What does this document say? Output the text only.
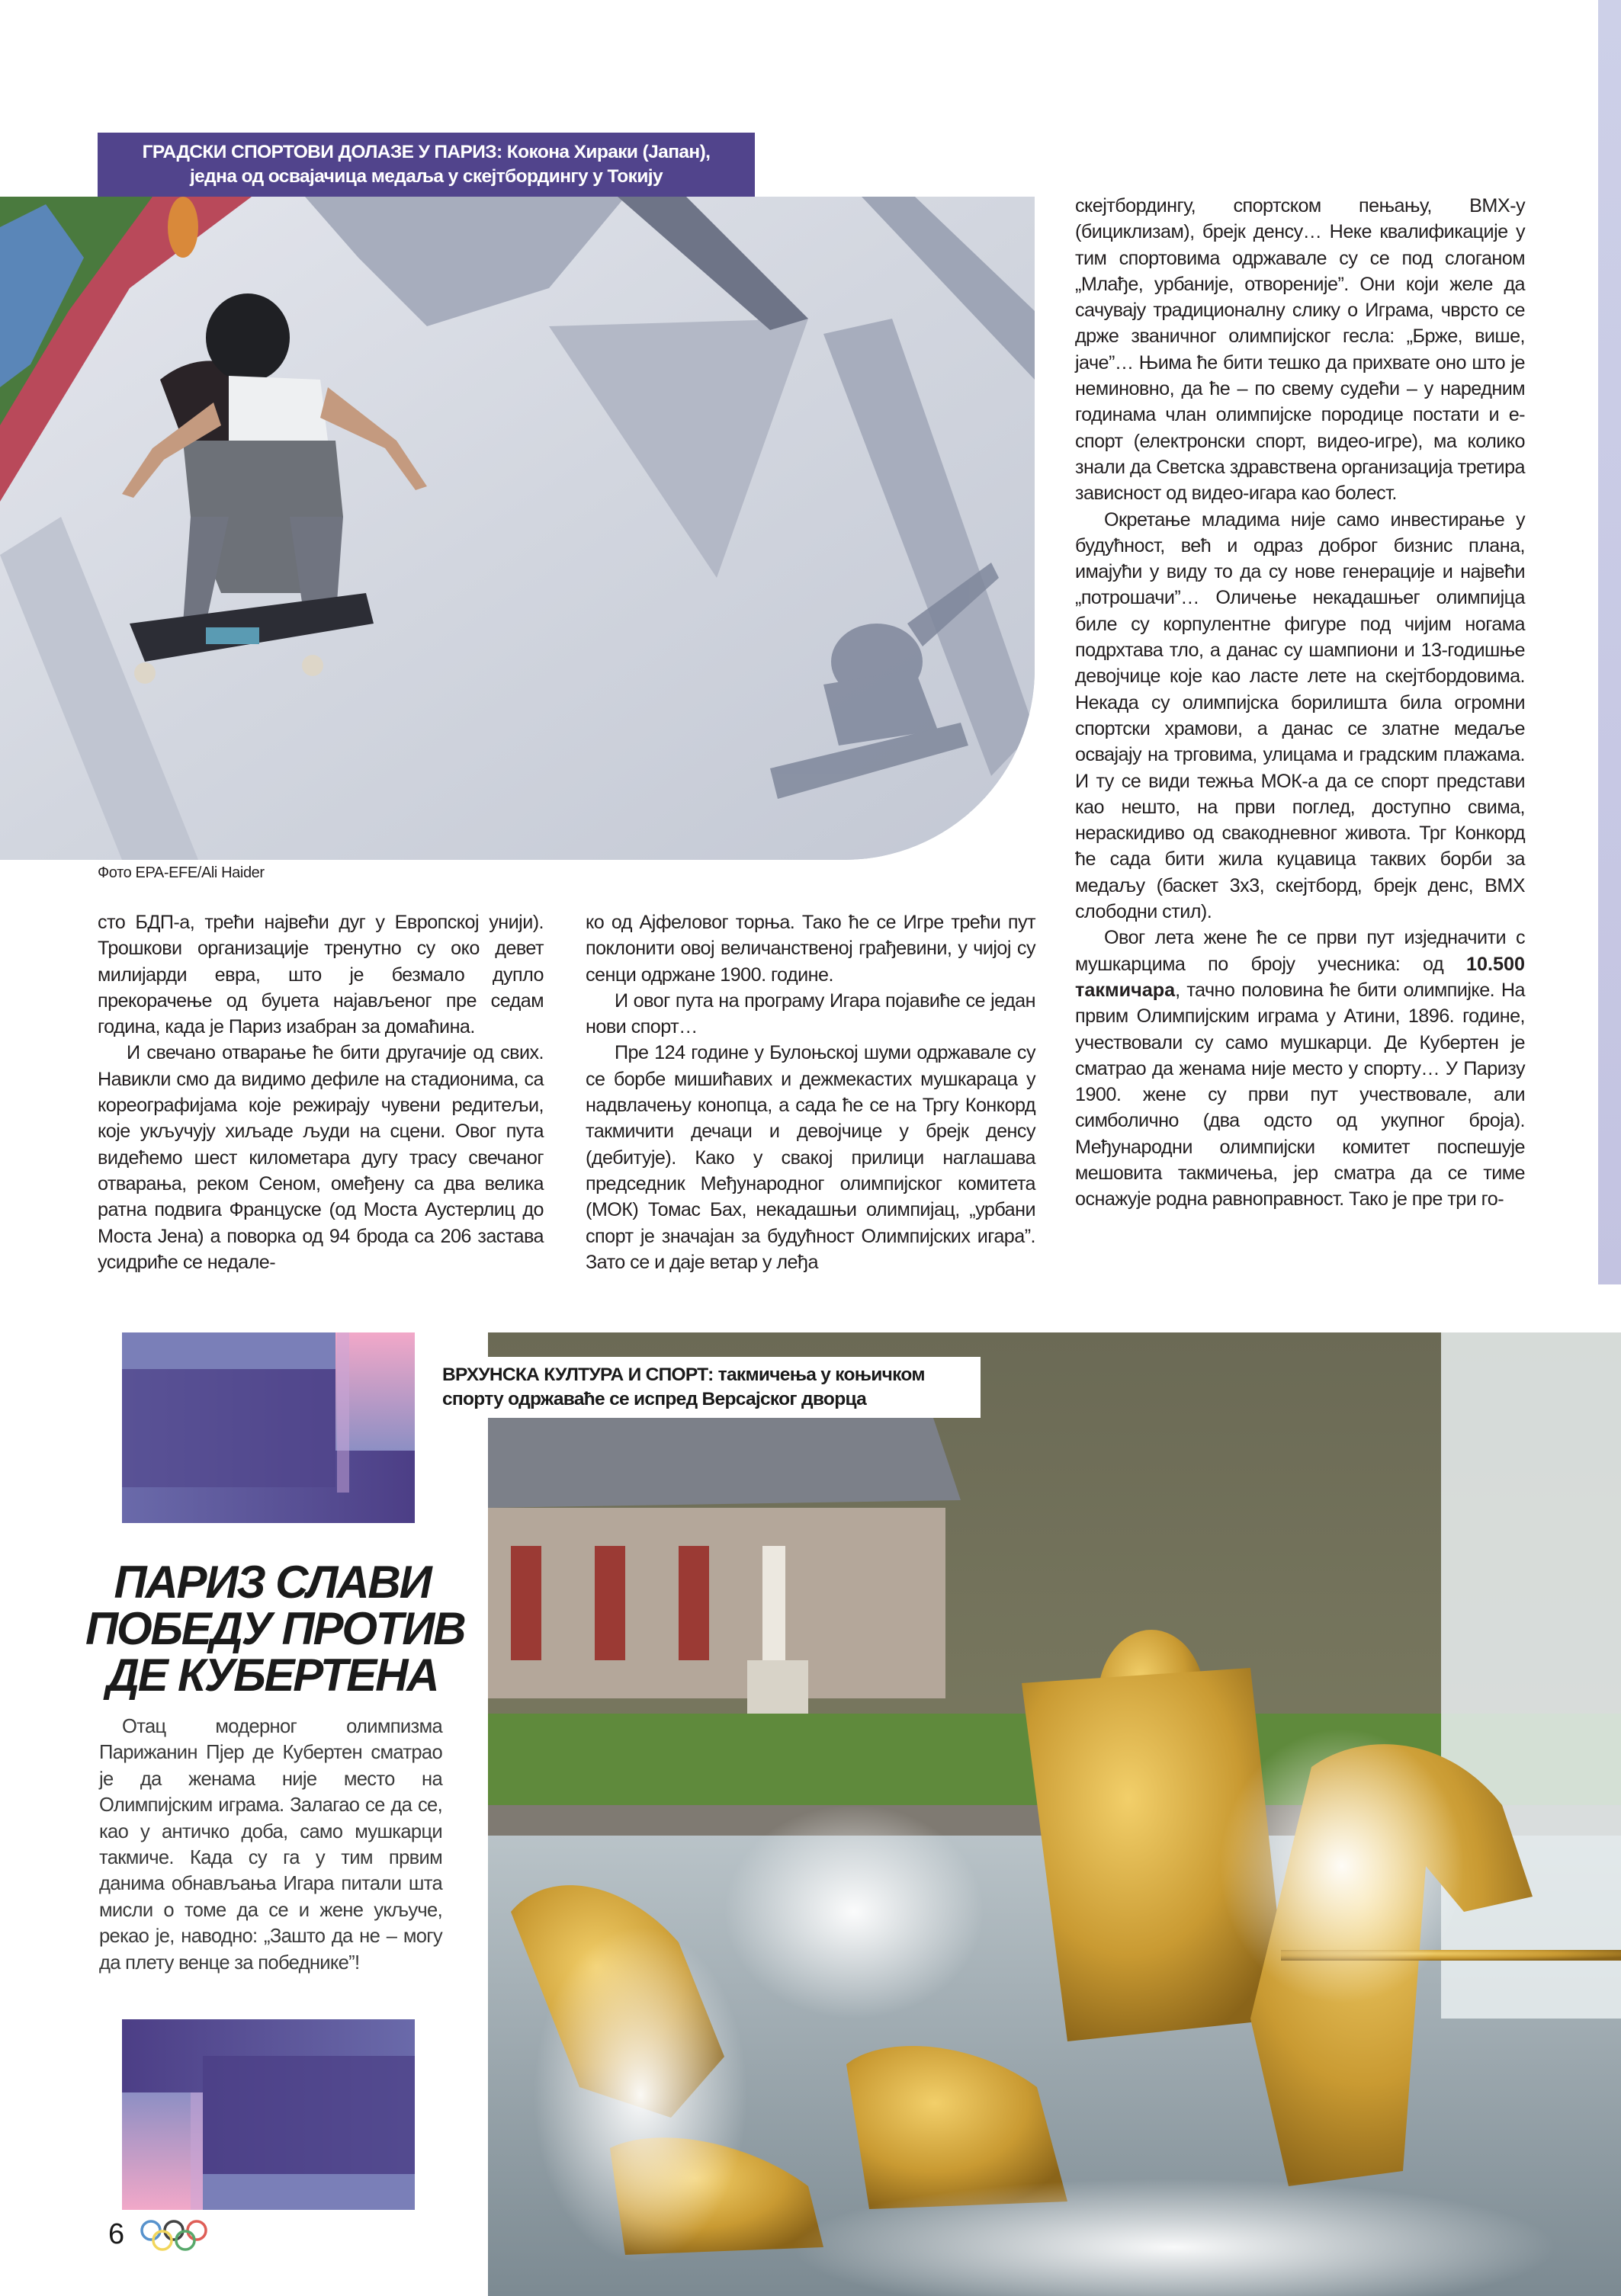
ГРАДСКИ СПОРТОВИ ДОЛАЗЕ У ПАРИЗ: Кокона Хираки (Јапан),
једна од освајачица медаља у скејтбордингу у Токију
Фото EPA-EFE/Ali Haider

сто БДП-а, трећи највећи дуг у Европској унији). Трошкови организације тренутно су око девет милијарди евра, што је безмало дупло прекорачење од буџета најављеног пре седам година, када је Париз изабран за домаћина.

И свечано отварање ће бити другачије од свих. Навикли смо да видимо дефиле на стадионима, са кореографијама које режирају чувени редитељи, које укључују хиљаде људи на сцени. Овог пута видећемо шест километара дугу трасу свечаног отварања, реком Сеном, омеђену са два велика ратна подвига Француске (од Моста Аустерлиц до Моста Јена) а поворка од 94 брода са 206 застава усидриће се недале-

ко од Ајфеловог торња. Тако ће се Игре трећи пут поклонити овој величанственој грађевини, у чијој су сенци одржане 1900. године.

И овог пута на програму Игара појавиће се један нови спорт…

Пре 124 године у Булоњској шуми одржавале су се борбе мишићавих и дежмекастих мушкараца у надвлачењу конопца, а сада ће се на Тргу Конкорд такмичити дечаци и девојчице у брејк денсу (дебитује). Како у свакој прилици наглашава председник Међународног олимпијског комитета (МОК) Томас Бах, некадашњи олимпијац, „урбани спорт је значајан за будућност Олимпијских игара”. Зато се и даје ветар у леђа

скејтбордингу, спортском пењању, BMX-у (бициклизам), брејк денсу… Неке квалификације у тим спортовима одржавале су се под слоганом „Млађе, урбаније, отвореније”. Они који желе да сачувају традиционалну слику о Играма, чврсто се држе званичног олимпијског гесла: „Брже, више, јаче”… Њима ће бити тешко да прихвате оно што је неминовно, да ће – по свему судећи – у наредним годинама члан олимпијске породице постати и е-спорт (електронски спорт, видео-игре), ма колико знали да Светска здравствена организација третира зависност од видео-игара као болест.

Окретање младима није само инвестирање у будућност, већ и одраз доброг бизнис плана, имајући у виду то да су нове генерације и највећи „потрошачи”… Оличење некадашњег олимпијца биле су корпулентне фигуре под чијим ногама подрхтава тло, а данас су шампиони и 13-годишње девојчице које као ласте лете на скејтбордовима. Некада су олимпијска борилишта била огромни спортски храмови, а данас се златне медаље освајају на трговима, улицама и градским плажама. И ту се види тежња МОК-а да се спорт представи као нешто, на први поглед, доступно свима, нераскидиво од свакодневног живота. Трг Конкорд ће сада бити жила куцавица таквих борби за медаљу (баскет 3х3, скејтборд, брејк денс, BMX слободни стил).

Овог лета жене ће се први пут изједначити с мушкарцима по броју учесника: од 10.500 такмичара, тачно половина ће бити олимпијке. На првим Олимпијским играма у Атини, 1896. године, учествовали су само мушкарци. Де Кубертен је сматрао да женама није место у спорту… У Паризу 1900. жене су први пут учествовале, али симболично (два одсто од укупног броја). Међународни олимпијски комитет поспешује мешовита такмичења, јер сматра да се тиме оснажује родна равноправност. Тако је пре три го-

ПАРИЗ СЛАВИ
ПОБЕДУ ПРОТИВ
ДЕ КУБЕРТЕНА

Отац модерног олимпизма Парижанин Пјер де Кубертен сматрао је да женама није место на Олимпијским играма. Залагао се да се, као у античко доба, само мушкарци такмиче. Када су га у тим првим данима обнављања Игара питали шта мисли о томе да се и жене укључе, рекао је, наводно: „Зашто да не – могу да плету венце за победнике”!

ВРХУНСКА КУЛТУРА И СПОРТ: такмичења у коњичком
спорту одржаваће се испред Версајског дворца
6
